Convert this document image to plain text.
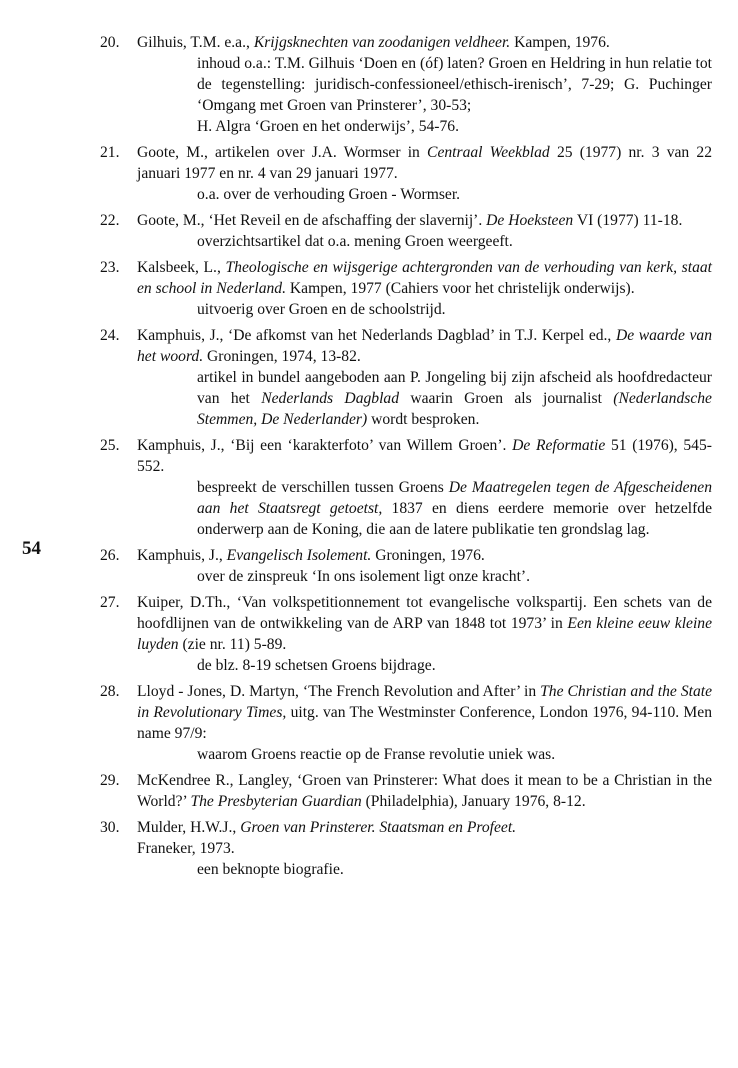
54
20.	Gilhuis, T.M. e.a., Krijgsknechten van zoodanigen veldheer. Kampen, 1976.
inhoud o.a.: T.M. Gilhuis ‘Doen en (óf) laten? Groen en Heldring in hun relatie tot de tegenstelling: juridisch-confessioneel/ethisch-irenisch’, 7-29; G. Puchinger ‘Omgang met Groen van Prinsterer’, 30-53;
H. Algra ‘Groen en het onderwijs’, 54-76.
21.	Goote, M., artikelen over J.A. Wormser in Centraal Weekblad 25 (1977) nr. 3 van 22 januari 1977 en nr. 4 van 29 januari 1977.
o.a. over de verhouding Groen - Wormser.
22.	Goote, M., ‘Het Reveil en de afschaffing der slavernij’. De Hoeksteen VI (1977) 11-18.
overzichtsartikel dat o.a. mening Groen weergeeft.
23.	Kalsbeek, L., Theologische en wijsgerige achtergronden van de verhouding van kerk, staat en school in Nederland. Kampen, 1977 (Cahiers voor het christelijk onderwijs).
uitvoerig over Groen en de schoolstrijd.
24.	Kamphuis, J., ‘De afkomst van het Nederlands Dagblad’ in T.J. Kerpel ed., De waarde van het woord. Groningen, 1974, 13-82.
artikel in bundel aangeboden aan P. Jongeling bij zijn afscheid als hoofdredacteur van het Nederlands Dagblad waarin Groen als journalist (Nederlandsche Stemmen, De Nederlander) wordt besproken.
25.	Kamphuis, J., ‘Bij een ‘karakterfoto’ van Willem Groen’. De Reformatie 51 (1976), 545-552.
bespreekt de verschillen tussen Groens De Maatregelen tegen de Afgescheidenen aan het Staatsregt getoetst, 1837 en diens eerdere memorie over hetzelfde onderwerp aan de Koning, die aan de latere publikatie ten grondslag lag.
26.	Kamphuis, J., Evangelisch Isolement. Groningen, 1976.
over de zinspreuk ‘In ons isolement ligt onze kracht’.
27.	Kuiper, D.Th., ‘Van volkspetitionnement tot evangelische volkspartij. Een schets van de hoofdlijnen van de ontwikkeling van de ARP van 1848 tot 1973’ in Een kleine eeuw kleine luyden (zie nr. 11) 5-89.
de blz. 8-19 schetsen Groens bijdrage.
28.	Lloyd - Jones, D. Martyn, ‘The French Revolution and After’ in The Christian and the State in Revolutionary Times, uitg. van The Westminster Conference, London 1976, 94-110. Men name 97/9:
waarom Groens reactie op de Franse revolutie uniek was.
29.	McKendree R., Langley, ‘Groen van Prinsterer: What does it mean to be a Christian in the World?’ The Presbyterian Guardian (Philadelphia), January 1976, 8-12.
30.	Mulder, H.W.J., Groen van Prinsterer. Staatsman en Profeet.
Franeker, 1973.
een beknopte biografie.
